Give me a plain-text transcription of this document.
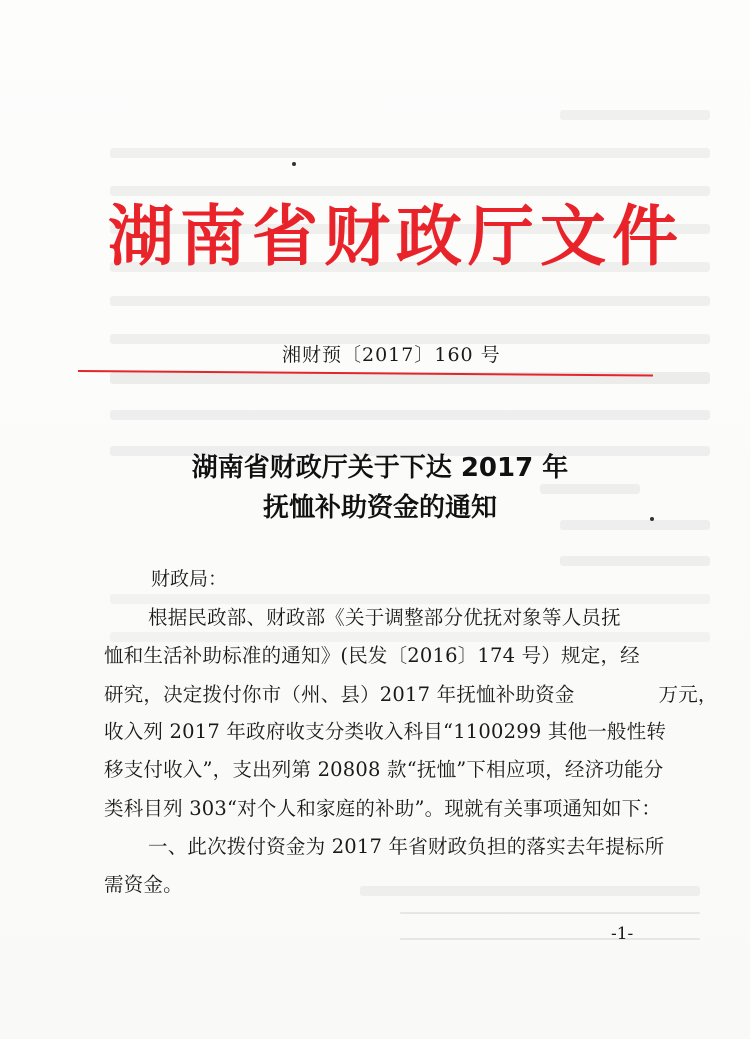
湖南省财政厅文件
湘财预〔2017〕160 号
湖南省财政厅关于下达 2017 年
抚恤补助资金的通知
财政局：
根据民政部、财政部《关于调整部分优抚对象等人员抚
恤和生活补助标准的通知》(民发〔2016〕174 号）规定，经
研究，决定拨付你市（州、县）2017 年抚恤补助资金	万元，
收入列 2017 年政府收支分类收入科目“1100299 其他一般性转
移支付收入”，支出列第 20808 款“抚恤”下相应项，经济功能分
类科目列 303“对个人和家庭的补助”。现就有关事项通知如下：
一、此次拨付资金为 2017 年省财政负担的落实去年提标所
需资金。
-1-
